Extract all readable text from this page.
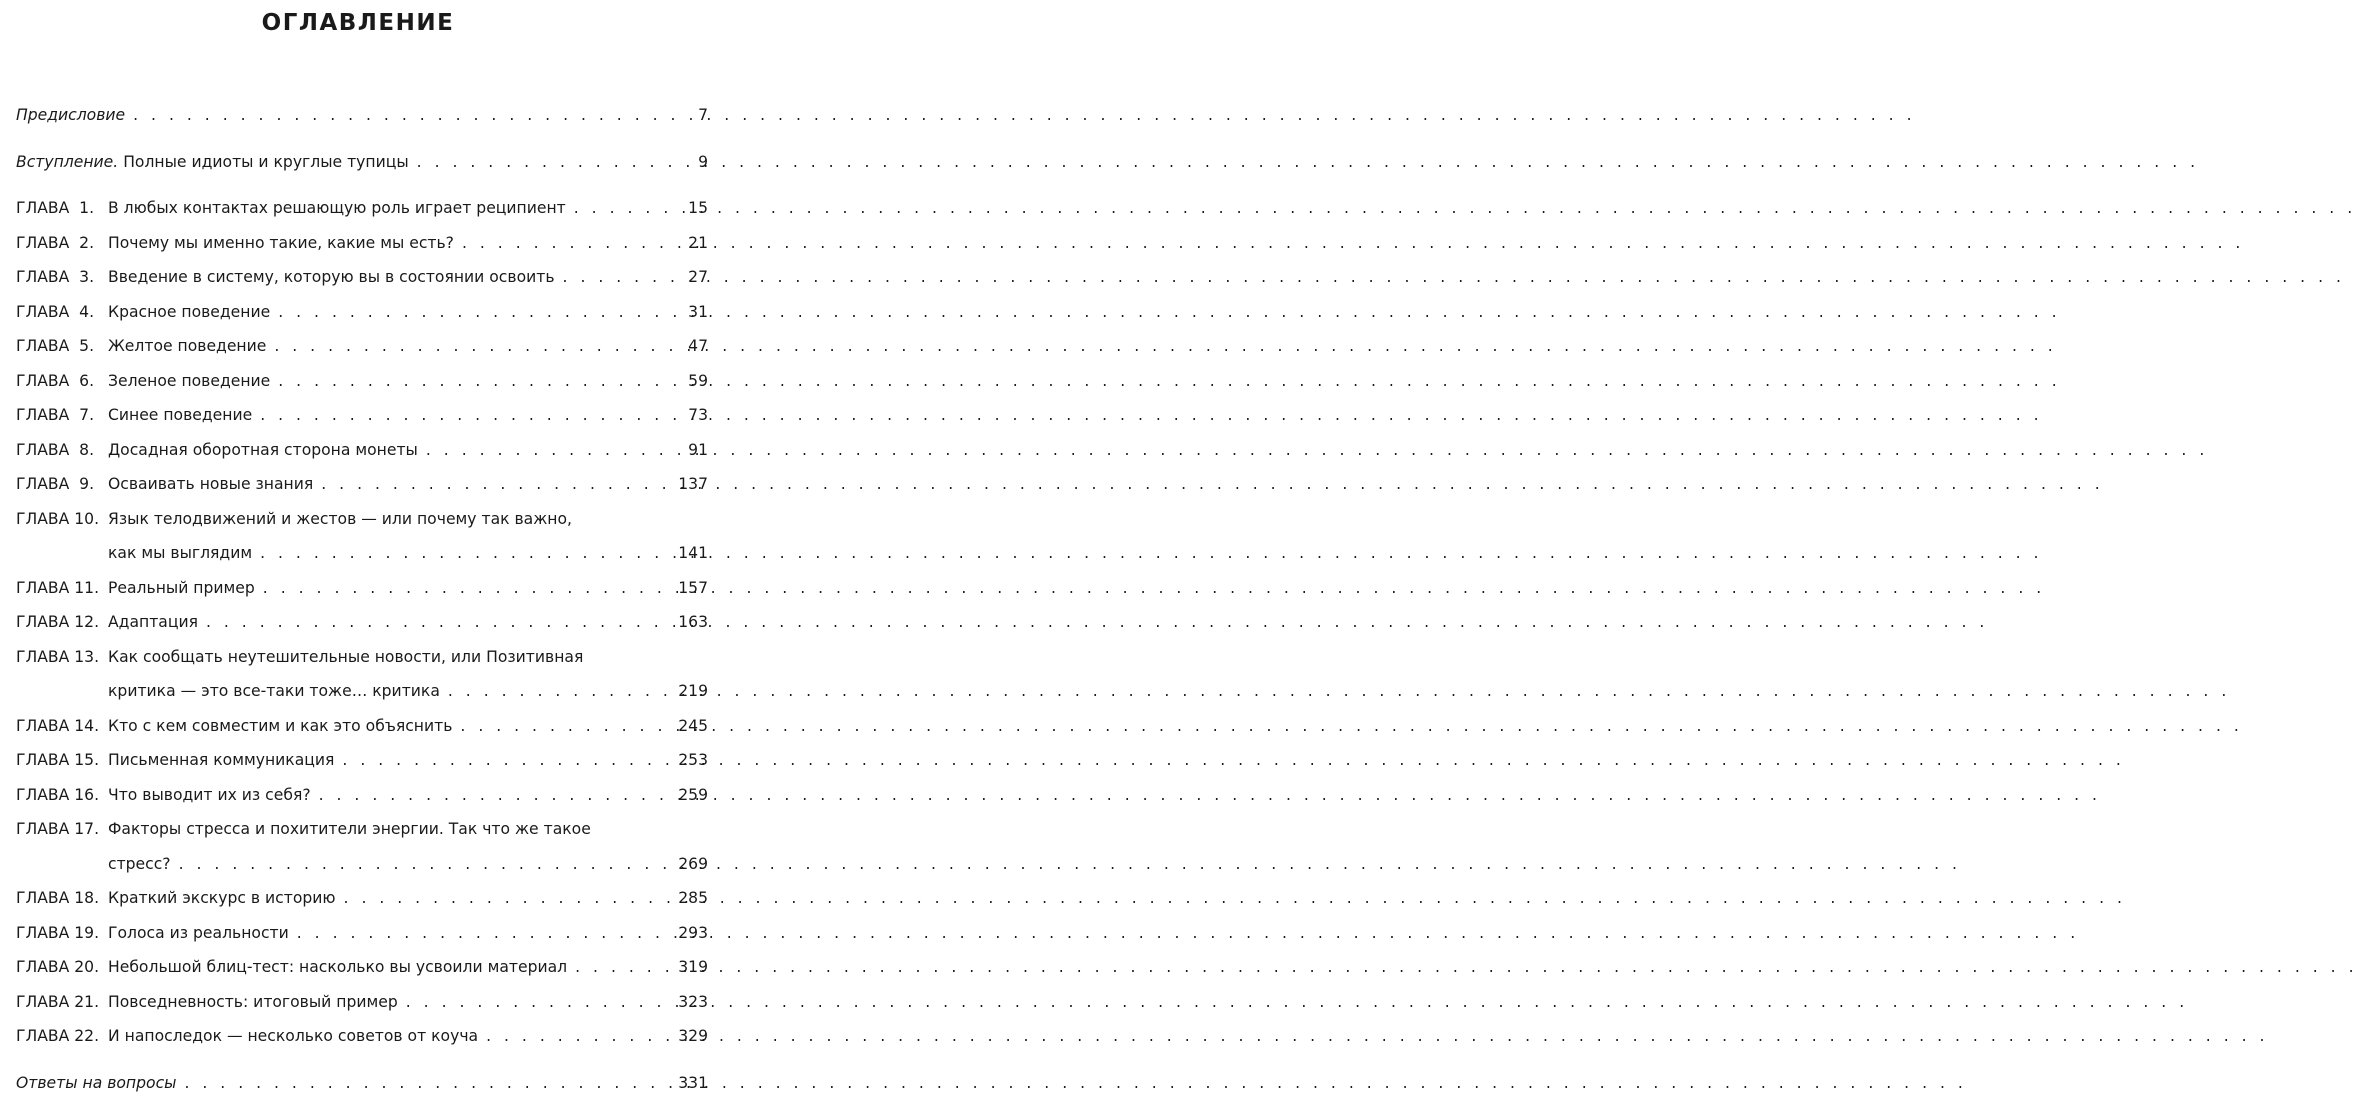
ОГЛАВЛЕНИЕ
Предисловие . . .	7
Вступление. Полные идиоты и круглые тупицы . . .	9
ГЛАВА  1. В любых контактах решающую роль играет реципиент . . .	15
ГЛАВА  2. Почему мы именно такие, какие мы есть? . . .	21
ГЛАВА  3. Введение в систему, которую вы в состоянии освоить . . .	27
ГЛАВА  4. Красное поведение . . .	31
ГЛАВА  5. Желтое поведение . . .	47
ГЛАВА  6. Зеленое поведение . . .	59
ГЛАВА  7. Синее поведение . . .	73
ГЛАВА  8. Досадная оборотная сторона монеты . . .	91
ГЛАВА  9. Осваивать новые знания . . .	137
ГЛАВА 10. Язык телодвижений и жестов — или почему так важно,
как мы выглядим . . .	141
ГЛАВА 11. Реальный пример . . .	157
ГЛАВА 12. Адаптация . . .	163
ГЛАВА 13. Как сообщать неутешительные новости, или Позитивная
критика — это все-таки тоже… критика . . .	219
ГЛАВА 14. Кто с кем совместим и как это объяснить . . .	245
ГЛАВА 15. Письменная коммуникация . . .	253
ГЛАВА 16. Что выводит их из себя? . . .	259
ГЛАВА 17. Факторы стресса и похитители энергии. Так что же такое
стресс? . . .	269
ГЛАВА 18. Краткий экскурс в историю . . .	285
ГЛАВА 19. Голоса из реальности . . .	293
ГЛАВА 20. Небольшой блиц-тест: насколько вы усвоили материал . . .	319
ГЛАВА 21. Повседневность: итоговый пример . . .	323
ГЛАВА 22. И напоследок — несколько советов от коуча . . .	329
Ответы на вопросы . . .	331
